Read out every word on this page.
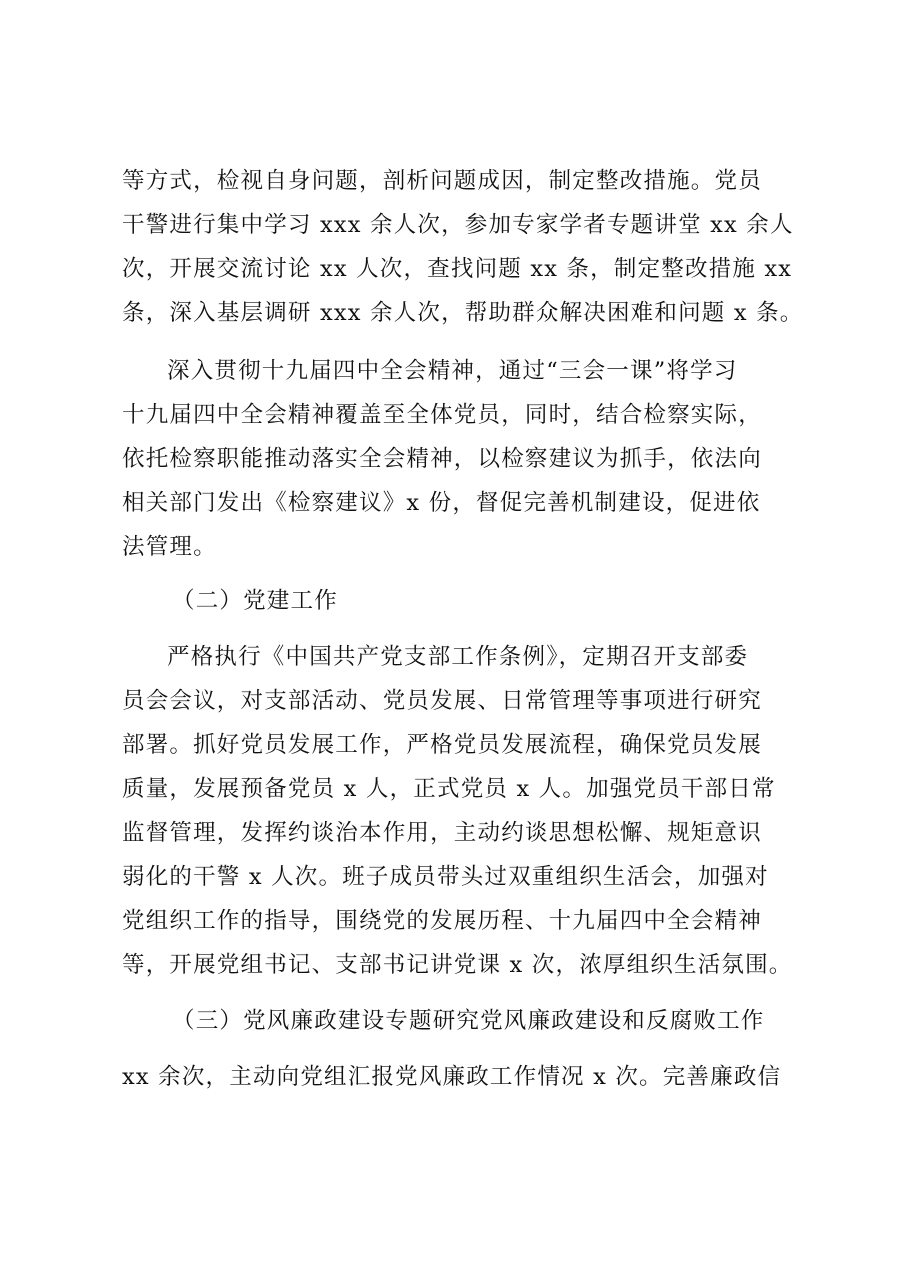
等方式，检视自身问题，剖析问题成因，制定整改措施。党员
干警进行集中学习 xxx 余人次，参加专家学者专题讲堂 xx 余人
次，开展交流讨论 xx 人次，查找问题 xx 条，制定整改措施 xx
条，深入基层调研 xxx 余人次，帮助群众解决困难和问题 x 条。
深入贯彻十九届四中全会精神，通过“三会一课”将学习
十九届四中全会精神覆盖至全体党员，同时，结合检察实际，
依托检察职能推动落实全会精神，以检察建议为抓手，依法向
相关部门发出《检察建议》x 份，督促完善机制建设，促进依
法管理。
（二）党建工作
严格执行《中国共产党支部工作条例》，定期召开支部委
员会会议，对支部活动、党员发展、日常管理等事项进行研究
部署。抓好党员发展工作，严格党员发展流程，确保党员发展
质量，发展预备党员 x 人，正式党员 x 人。加强党员干部日常
监督管理，发挥约谈治本作用，主动约谈思想松懈、规矩意识
弱化的干警 x 人次。班子成员带头过双重组织生活会，加强对
党组织工作的指导，围绕党的发展历程、十九届四中全会精神
等，开展党组书记、支部书记讲党课 x 次，浓厚组织生活氛围。
（三）党风廉政建设专题研究党风廉政建设和反腐败工作
xx 余次，主动向党组汇报党风廉政工作情况 x 次。完善廉政信
